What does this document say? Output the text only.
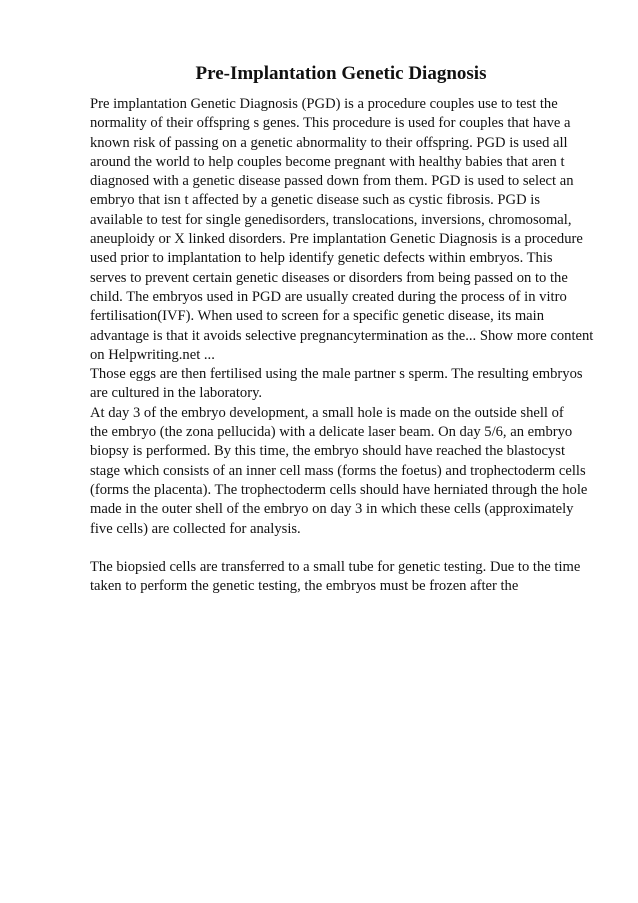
Pre-Implantation Genetic Diagnosis
Pre implantation Genetic Diagnosis (PGD) is a procedure couples use to test the
normality of their offspring s genes. This procedure is used for couples that have a
known risk of passing on a genetic abnormality to their offspring. PGD is used all
around the world to help couples become pregnant with healthy babies that aren t
diagnosed with a genetic disease passed down from them. PGD is used to select an
embryo that isn t affected by a genetic disease such as cystic fibrosis. PGD is
available to test for single genedisorders, translocations, inversions, chromosomal,
aneuploidy or X linked disorders. Pre implantation Genetic Diagnosis is a procedure
used prior to implantation to help identify genetic defects within embryos. This
serves to prevent certain genetic diseases or disorders from being passed on to the
child. The embryos used in PGD are usually created during the process of in vitro
fertilisation(IVF). When used to screen for a specific genetic disease, its main
advantage is that it avoids selective pregnancytermination as the... Show more content
on Helpwriting.net ...
Those eggs are then fertilised using the male partner s sperm. The resulting embryos
are cultured in the laboratory.
At day 3 of the embryo development, a small hole is made on the outside shell of
the embryo (the zona pellucida) with a delicate laser beam. On day 5/6, an embryo
biopsy is performed. By this time, the embryo should have reached the blastocyst
stage which consists of an inner cell mass (forms the foetus) and trophectoderm cells
(forms the placenta). The trophectoderm cells should have herniated through the hole
made in the outer shell of the embryo on day 3 in which these cells (approximately
five cells) are collected for analysis.
The biopsied cells are transferred to a small tube for genetic testing. Due to the time
taken to perform the genetic testing, the embryos must be frozen after the
